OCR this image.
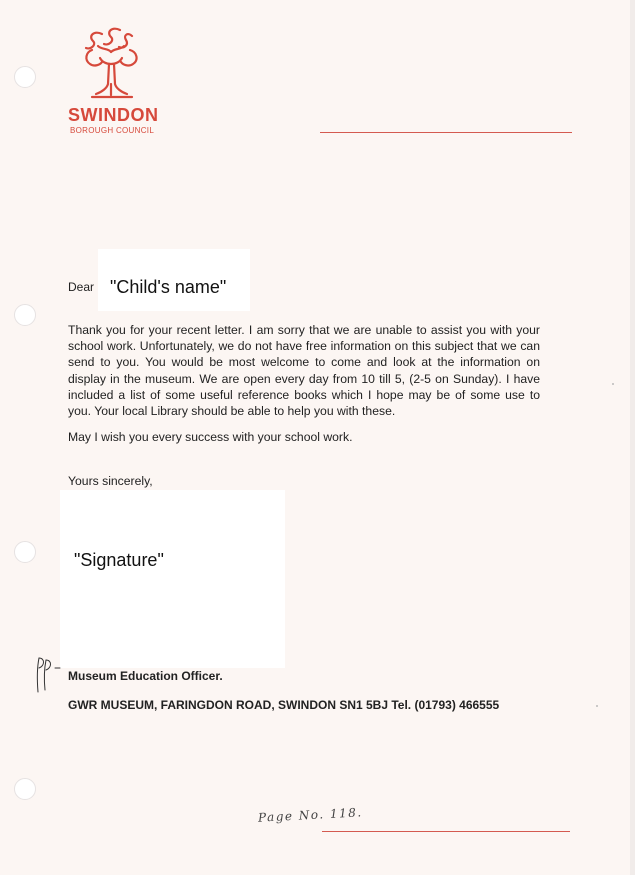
SWINDON
BOROUGH COUNCIL
Dear "Child's name"
Thank you for your recent letter. I am sorry that we are unable to assist you with your school work. Unfortunately, we do not have free information on this subject that we can send to you. You would be most welcome to come and look at the information on display in the museum. We are open every day from 10 till 5, (2-5 on Sunday). I have included a list of some useful reference books which I hope may be of some use to you. Your local Library should be able to help you with these.
May I wish you every success with your school work.
Yours sincerely,
"Signature"
Museum Education Officer.
GWR MUSEUM, FARINGDON ROAD, SWINDON SN1 5BJ Tel. (01793) 466555
Page No. 118.
